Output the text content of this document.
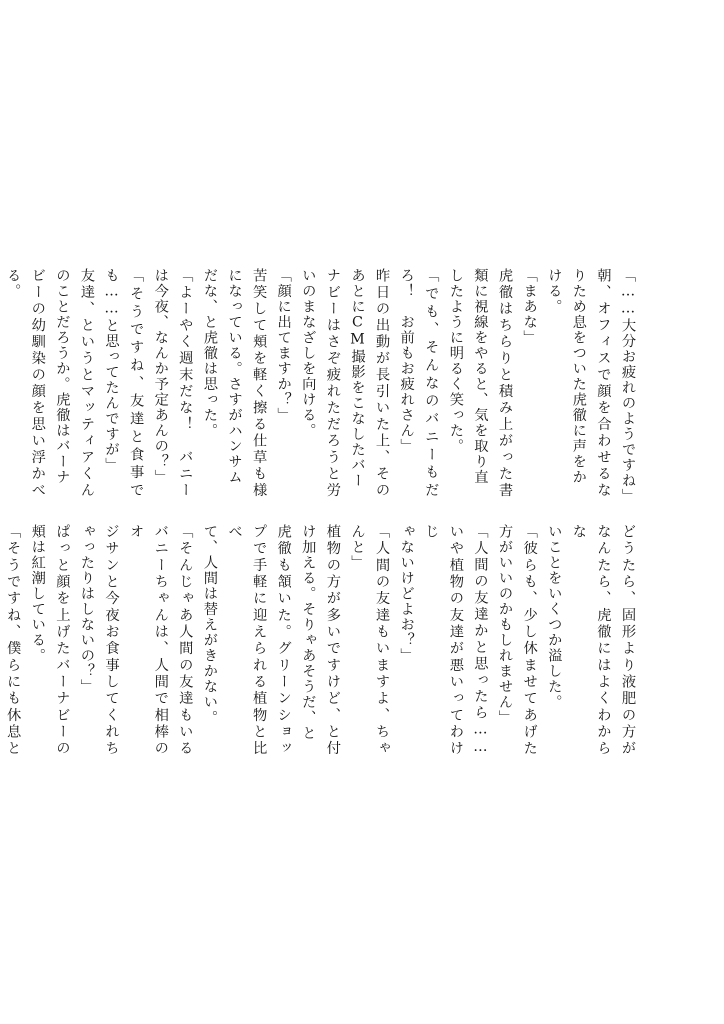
「……大分お疲れのようですね」

朝、オフィスで顔を合わせるなりため息をついた虎徹に声をか

ける。

「まあな」

虎徹はちらりと積み上がった書類に視線をやると、気を取り直

したように明るく笑った。

「でも、そんなのバニーもだろ！　お前もお疲れさん」

昨日の出動が長引いた上、そのあとにCM撮影をこなしたバー

ナビーはさぞ疲れただろうと労いのまなざしを向ける。

「顔に出てますか？」

苦笑して頬を軽く擦る仕草も様になっている。さすがハンサム

だな、と虎徹は思った。

「よーやく週末だな！　バニーは今夜、なんか予定あんの？」

「そうですね、友達と食事でも……と思ってたんですが」

友達、というとマッティアくんのことだろうか。虎徹はバーナ

ビーの幼馴染の顔を思い浮かべる。

どうたら、固形より液肥の方がなんたら、虎徹にはよくわからな

いことをいくつか溢した。

「彼らも、少し休ませてあげた方がいいのかもしれません」

「人間の友達かと思ったら……いや植物の友達が悪いってわけじ

ゃないけどよお？」

「人間の友達もいますよ、ちゃんと」

植物の方が多いですけど、と付け加える。そりゃあそうだ、と

虎徹も頷いた。グリーンショップで手軽に迎えられる植物と比べ

て、人間は替えがきかない。

「そんじゃあ人間の友達もいるバニーちゃんは、人間で相棒のオ

ジサンと今夜お食事してくれちゃったりはしないの？」

ぱっと顔を上げたバーナビーの頬は紅潮している。

「そうですね、僕らにも休息と
